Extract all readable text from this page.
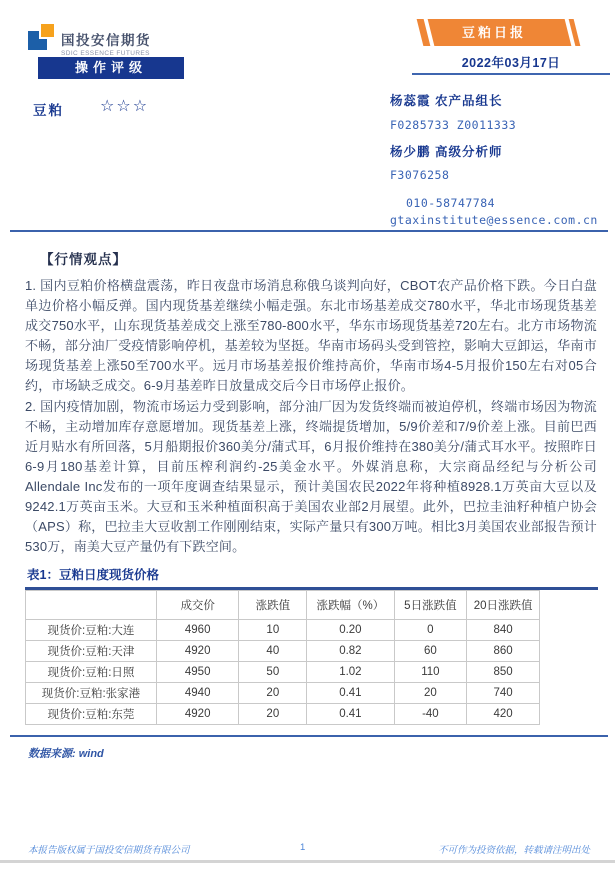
国投安信期货
SDIC ESSENCE FUTURES
操作评级
豆粕 ☆☆☆
豆粕日报
2022年03月17日
杨蕊霞 农产品组长
F0285733 Z0011333
杨少鹏 高级分析师
F3076258
010-58747784
gtaxinstitute@essence.com.cn
【行情观点】
1. 国内豆粕价格横盘震荡，昨日夜盘市场消息称俄乌谈判向好，CBOT农产品价格下跌。今日白盘单边价格小幅反弹。国内现货基差继续小幅走强。东北市场基差成交780水平，华北市场现货基差成交750水平，山东现货基差成交上涨至780-800水平，华东市场现货基差720左右。北方市场物流不畅，部分油厂受疫情影响停机，基差较为坚挺。华南市场码头受到管控，影响大豆卸运，华南市场现货基差上涨50至700水平。远月市场基差报价维持高价，华南市场4-5月报价150左右对05合约，市场缺乏成交。6-9月基差昨日放量成交后今日市场停止报价。
2. 国内疫情加剧，物流市场运力受到影响，部分油厂因为发货终端而被迫停机，终端市场因为物流不畅，主动增加库存意愿增加。现货基差上涨，终端提货增加，5/9价差和7/9价差上涨。目前巴西近月贴水有所回落，5月船期报价360美分/蒲式耳，6月报价维持在380美分/蒲式耳水平。按照昨日6-9月180基差计算，目前压榨利润约-25美金水平。外媒消息称，大宗商品经纪与分析公司Allendale Inc发布的一项年度调查结果显示，预计美国农民2022年将种植8928.1万英亩大豆以及9242.1万英亩玉米。大豆和玉米种植面积高于美国农业部2月展望。此外，巴拉圭油籽种植户协会（APS）称，巴拉圭大豆收割工作刚刚结束，实际产量只有300万吨。相比3月美国农业部报告预计530万，南美大豆产量仍有下跌空间。
表1：豆粕日度现货价格
	成交价	涨跌值	涨跌幅（%）	5日涨跌值	20日涨跌值
现货价:豆粕:大连	4960	10	0.20	0	840
现货价:豆粕:天津	4920	40	0.82	60	860
现货价:豆粕:日照	4950	50	1.02	110	850
现货价:豆粕:张家港	4940	20	0.41	20	740
现货价:豆粕:东莞	4920	20	0.41	-40	420
数据来源: wind
本报告版权属于国投安信期货有限公司	1	不可作为投资依据，转载请注明出处
